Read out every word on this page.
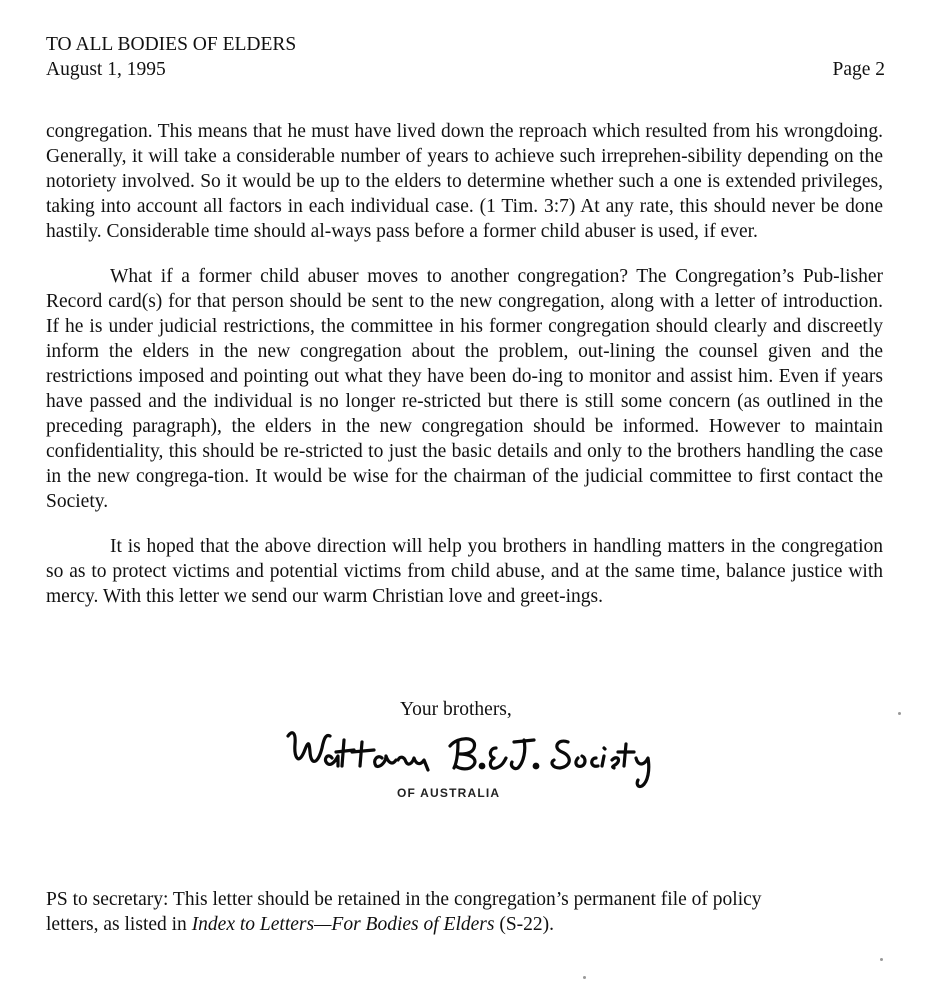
TO ALL BODIES OF ELDERS
August 1, 1995	Page 2

congregation. This means that he must have lived down the reproach which resulted from his wrongdoing. Generally, it will take a considerable number of years to achieve such irreprehen-sibility depending on the notoriety involved. So it would be up to the elders to determine whether such a one is extended privileges, taking into account all factors in each individual case. (1 Tim. 3:7) At any rate, this should never be done hastily. Considerable time should al-ways pass before a former child abuser is used, if ever.

What if a former child abuser moves to another congregation? The Congregation’s Pub-lisher Record card(s) for that person should be sent to the new congregation, along with a letter of introduction. If he is under judicial restrictions, the committee in his former congregation should clearly and discreetly inform the elders in the new congregation about the problem, out-lining the counsel given and the restrictions imposed and pointing out what they have been do-ing to monitor and assist him. Even if years have passed and the individual is no longer re-stricted but there is still some concern (as outlined in the preceding paragraph), the elders in the new congregation should be informed. However to maintain confidentiality, this should be re-stricted to just the basic details and only to the brothers handling the case in the new congrega-tion. It would be wise for the chairman of the judicial committee to first contact the Society.

It is hoped that the above direction will help you brothers in handling matters in the congregation so as to protect victims and potential victims from child abuse, and at the same time, balance justice with mercy. With this letter we send our warm Christian love and greet-ings.

Your brothers,
OF AUSTRALIA
PS to secretary: This letter should be retained in the congregation’s permanent file of policy
letters, as listed in Index to Letters—For Bodies of Elders (S-22).
